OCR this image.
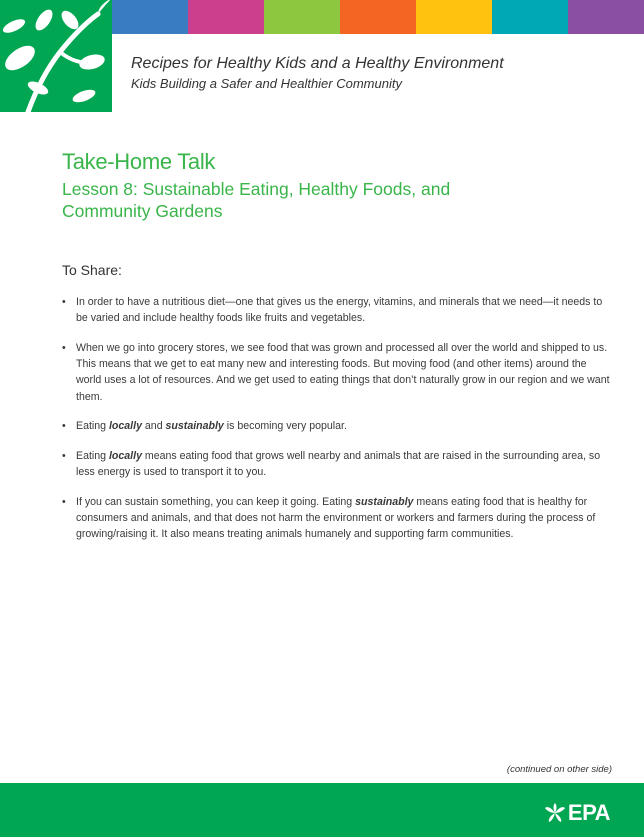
Recipes for Healthy Kids and a Healthy Environment
Kids Building a Safer and Healthier Community
Take-Home Talk
Lesson 8: Sustainable Eating, Healthy Foods, and Community Gardens
To Share:
• In order to have a nutritious diet—one that gives us the energy, vitamins, and minerals that we need—it needs to be varied and include healthy foods like fruits and vegetables.
• When we go into grocery stores, we see food that was grown and processed all over the world and shipped to us. This means that we get to eat many new and interesting foods. But moving food (and other items) around the world uses a lot of resources. And we get used to eating things that don’t naturally grow in our region and we want them.
• Eating locally and sustainably is becoming very popular.
• Eating locally means eating food that grows well nearby and animals that are raised in the surrounding area, so less energy is used to transport it to you.
• If you can sustain something, you can keep it going. Eating sustainably means eating food that is healthy for consumers and animals, and that does not harm the environment or workers and farmers during the process of growing/raising it. It also means treating animals humanely and supporting farm communities.
(continued on other side)
EPA
